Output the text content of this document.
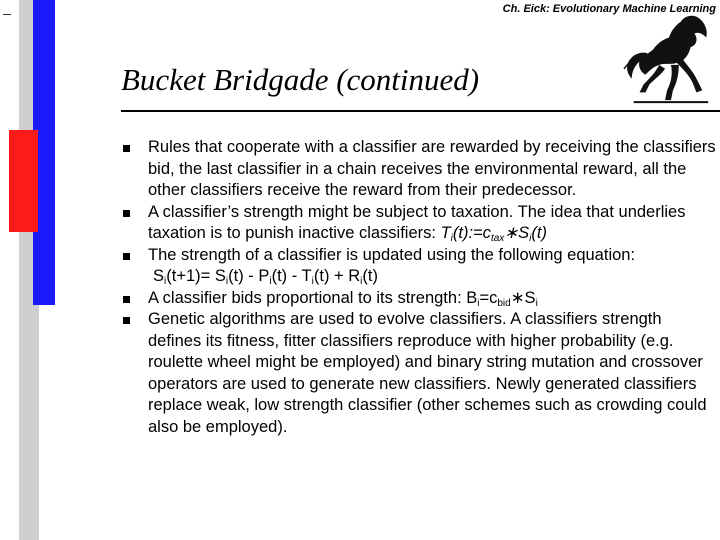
Ch. Eick: Evolutionary Machine Learning
Bucket Bridgade (continued)
Rules that cooperate with a classifier are rewarded by receiving the classifiers bid, the last classifier in a chain receives the environmental reward, all the other classifiers receive the reward from their predecessor.
A classifier’s strength might be subject to taxation. The idea that underlies taxation is to punish inactive classifiers: $T_i(t):=c_{tax}∗S_i(t)$
The strength of a classifier is updated using the following equation:
$S_i(t+1)= S_i(t) - P_i(t) - T_i(t) + R_i(t)$
A classifier bids proportional to its strength: $B_i=c_{bid}∗S_i$
Genetic algorithms are used to evolve classifiers. A classifiers strength defines its fitness, fitter classifiers reproduce with higher probability (e.g. roulette wheel might be employed) and binary string mutation and crossover operators are used to generate new classifiers. Newly generated classifiers replace weak, low strength classifier (other schemes such as crowding could also be employed).
